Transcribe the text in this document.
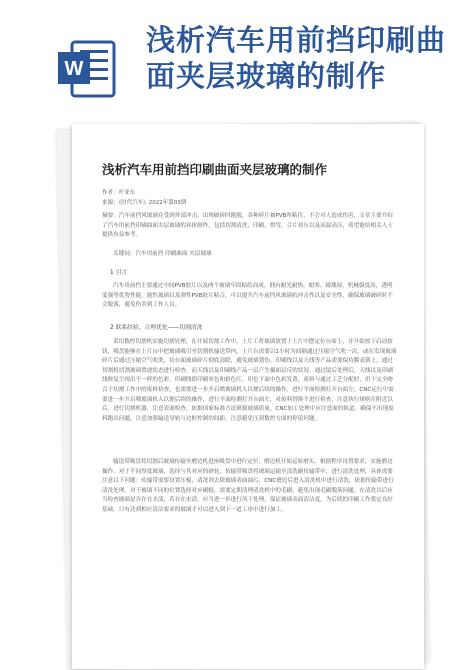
W
浅析汽车用前挡印刷曲面夹层玻璃的制作
浅析汽车用前挡印刷曲面夹层玻璃的制作
作者：叶亚东
来源：《时代汽车》2022年第03期
摘要：汽车前挡风玻璃在受到外部冲击，出现破碎时跑脱，各种碎片被PVB所粘住，不会对人造成伤害，文章主要介绍了汽车用前挡印刷曲面夹层玻璃的具体制作，包括切割清洗，印刷，烘弯，合片初压以及高温高压，希望能给相关人士提供有益参考。
关键词：汽车用前挡 印刷曲面 夹层玻璃
1 引言
汽车用前挡主要通过中间PVB胶片以及两个玻璃牢固粘结而成，拥有耐光耐热、耐寒、耐潮湿，机械强度高，透明度强等优势性能。能性玻璃以及弹性PVB胶片粘合，可以提升汽车前挡风玻璃抗冲击性以及安全性，确保玻璃破碎时不会脱落，避免伤害到工作人员。
2 联系经验、合理优化——切割清洗
采用数控切割机实施切割处理，在开展切割工作中，上片工将玻璃放置于上片中摆定位台面上，并开始按下启动按钮，吸盘能够在上片台中把玻璃吸引至切割机输送带内，上片台需要以1小时为间隔通过压缩空气吹一次，或在发现玻璃碎片后通过压缩空气吹洗，待台面玻璃碎片彻底清除，避免玻璃划伤。印刷线以及天线等产品需要保持膜表朝上，通过切割机切割玻璃置放状态进行检查，而天线以及印刷线产品一层产生摄面层反的状况，通过镜后处理后，天线以及印刷线修复呈现出不一样的色彩，印刷线即印刷单色和彩色红、印色下面中色彩发黄，废料与通过工艺分配时，用于完全吻合于切割工作中的废料检查，也需要进一步开启喷玻璃机入以便后续的操作，进行平面检测打开台面左。CNC运行中需要进一步开启喷玻璃机入以便后续的操作，进行平面检测打开台面左，对废料替换不进行检查，注意执行规则在附近以后，进行切割机器，注意表面检查，依据国家标准方法研制玻璃质量。CNC加工处理中应注意面的轨道，确保不出现废料跑出问题，注意加强输送导轨与边框控制的间距，注意避免压到数控方面的停留问题。
输送带吸盘将切割后玻璃传输至磨边机进座吸盘中进行定位，磨边机开始运转磨头，根据程序设置要求，实施磨边操作，对于不同厚度玻璃，选择与其对应的砂轮，传输带吸盘将玻璃运输至清洗刷传输带中，进行清洗处理，具体需要注意以下问题：传输带需要设置压棍，清洗剂去除玻璃表面油污，CNC磨边后进入清洗机中进行清洗，依据传输带进行清洗处理，对于玻璃不同的位置选择对应刷辊，需要定期清理清洗机中的毛刷，避免出现毛刷脱落问题。在清洗以后应当检查玻璃是否存在水渍，若存在水渍，应当进一步进行风干处理，保证玻璃表面清洁度，为后续的印刷工作奠定良好基础。只有达到相应清洁要求的玻璃才可以进入到下一道工序中进行加工。
